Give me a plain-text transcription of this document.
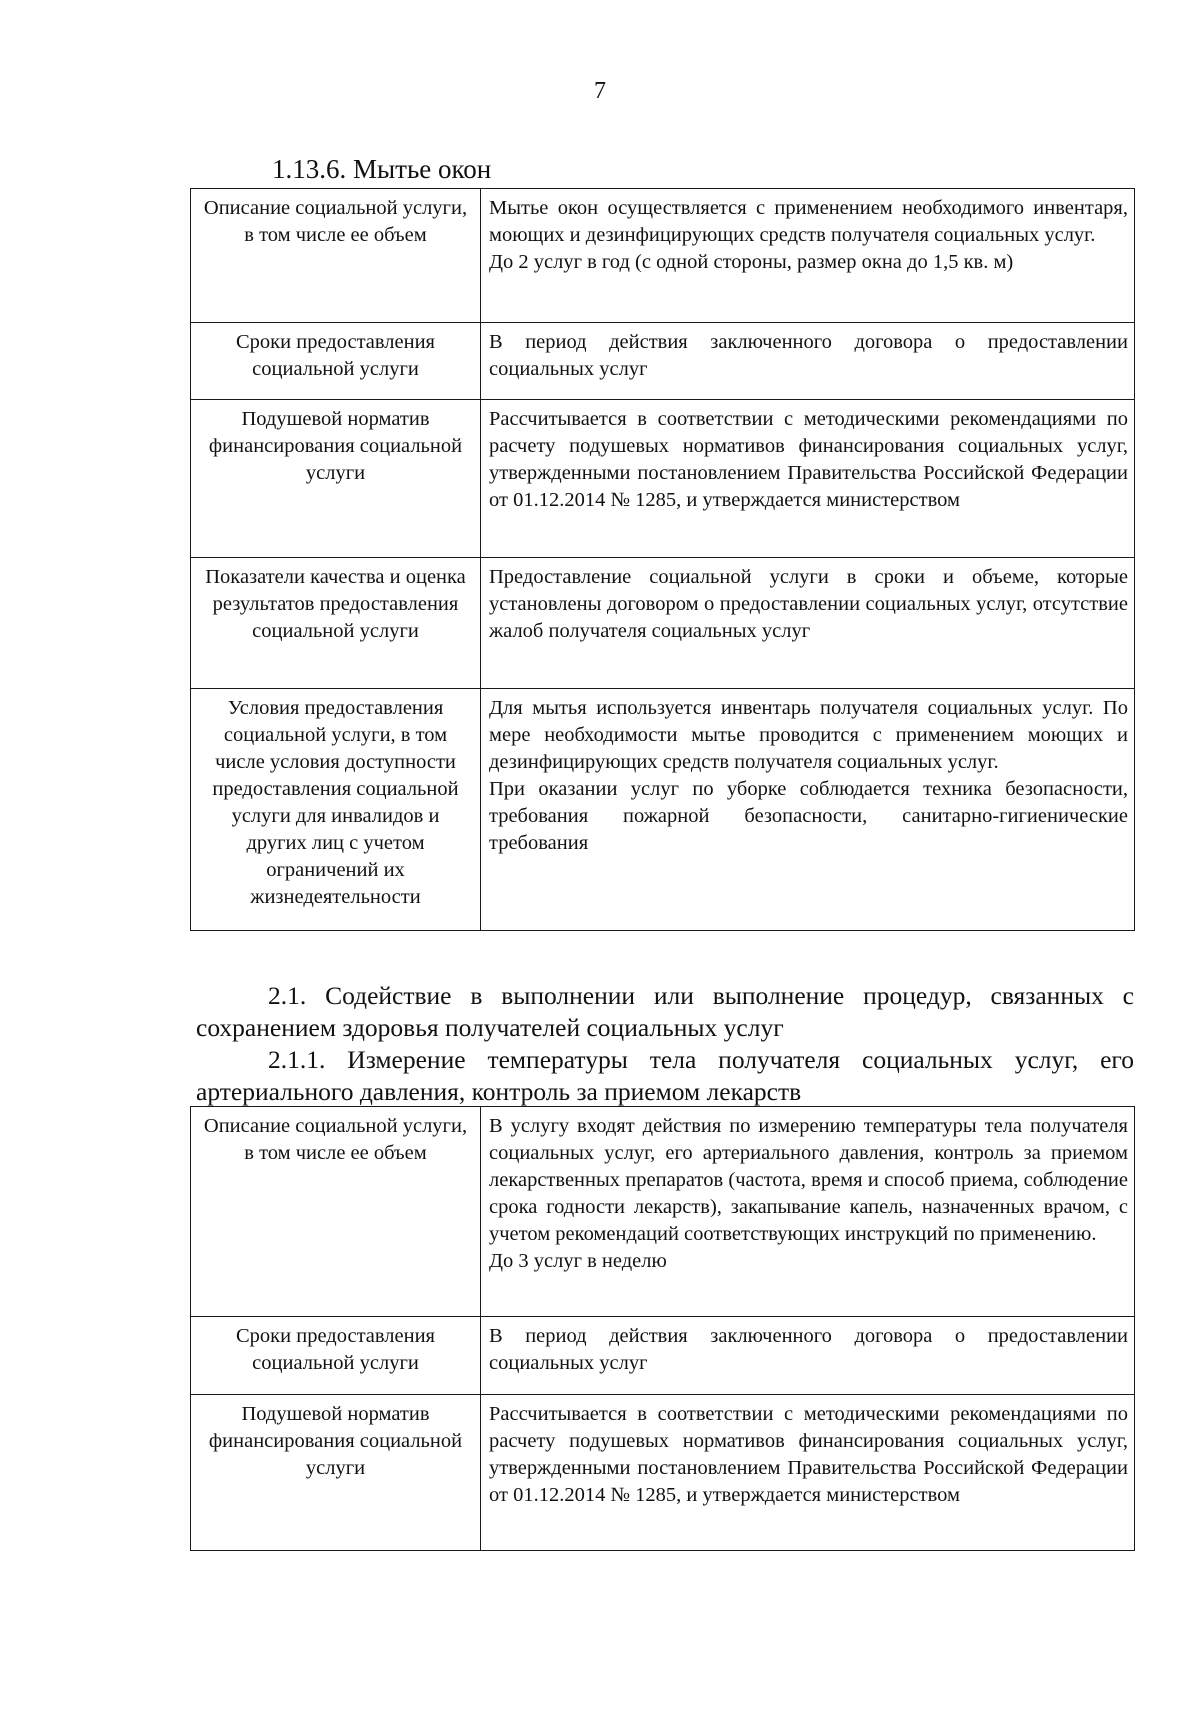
7
1.13.6. Мытье окон
Описание социальной услуги, в том числе ее объем	Мытье окон осуществляется с применением необходимого инвентаря, моющих и дезинфицирующих средств получателя социальных услуг.
До 2 услуг в год (с одной стороны, размер окна до 1,5 кв. м)

Сроки предоставления социальной услуги	В период действия заключенного договора о предоставлении социальных услуг
Подушевой норматив финансирования социальной услуги	Рассчитывается в соответствии с методическими рекомендациями по расчету подушевых нормативов финансирования социальных услуг, утвержденными постановлением Правительства Российской Федерации от 01.12.2014 № 1285, и утверждается министерством
Показатели качества и оценка результатов предоставления социальной услуги	Предоставление социальной услуги в сроки и объеме, которые установлены договором о предоставлении социальных услуг, отсутствие жалоб получателя социальных услуг
Условия предоставления социальной услуги, в том числе условия доступности предоставления социальной услуги для инвалидов и других лиц с учетом ограничений их жизнедеятельности	Для мытья используется инвентарь получателя социальных услуг. По мере необходимости мытье проводится с применением моющих и дезинфицирующих средств получателя социальных услуг.
При оказании услуг по уборке соблюдается техника безопасности, требования пожарной безопасности, санитарно-гигиенические требования
2.1. Содействие в выполнении или выполнение процедур, связанных с сохранением здоровья получателей социальных услуг
2.1.1. Измерение температуры тела получателя социальных услуг, его артериального давления, контроль за приемом лекарств
Описание социальной услуги, в том числе ее объем	В услугу входят действия по измерению температуры тела получателя социальных услуг, его артериального давления, контроль за приемом лекарственных препаратов (частота, время и способ приема, соблюдение срока годности лекарств), закапывание капель, назначенных врачом, с учетом рекомендаций соответствующих инструкций по применению.
До 3 услуг в неделю

Сроки предоставления социальной услуги	В период действия заключенного договора о предоставлении социальных услуг
Подушевой норматив финансирования социальной услуги	Рассчитывается в соответствии с методическими рекомендациями по расчету подушевых нормативов финансирования социальных услуг, утвержденными постановлением Правительства Российской Федерации от 01.12.2014 № 1285, и утверждается министерством
